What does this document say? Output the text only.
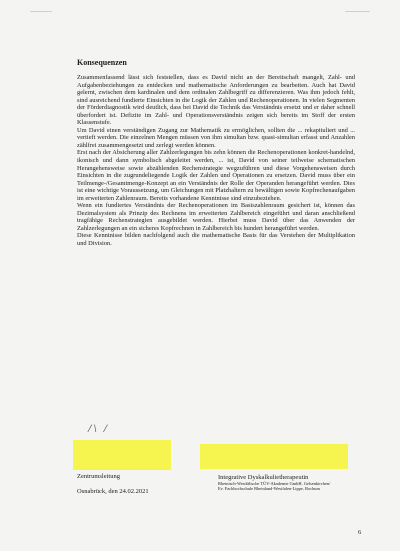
Konsequenzen

Zusammenfassend lässt sich feststellen, dass es David nicht an der Bereitschaft mangelt, Zahl- und Aufgabenbeziehungen zu entdecken und mathematische Anforderungen zu bearbeiten. Auch hat David gelernt, zwischen dem kardinalen und dem ordinalen Zahlbegriff zu differenzieren. Was ihm jedoch fehlt, sind ausreichend fundierte Einsichten in die Logik der Zahlen und Rechenoperationen. In vielen Segmenten der Förderdiagnostik wird deutlich, dass bei David die Technik das Verständnis ersetzt und er daher schnell überfordert ist. Defizite im Zahl- und Operationsverständnis zeigen sich bereits im Stoff der ersten Klassenstufe.

Um David einen verständigen Zugang zur Mathematik zu ermöglichen, sollten die ... rekapituliert und ... vertieft werden. Die einzelnen Mengen müssen von ihm simultan bzw. quasi-simultan erfasst und Anzahlen zählfrei zusammengesetzt und zerlegt werden können.

Erst nach der Absicherung aller Zahlzerlegungen bis zehn können die Rechenoperationen konkret-handelnd, ikonisch und dann symbolisch abgeleitet werden, ... ist, David von seiner teilweise schematischen Herangehensweise sowie abzählenden Rechenstrategie wegzuführen und diese Vorgehensweisen durch Einsichten in die zugrundeliegende Logik der Zahlen und Operationen zu ersetzen. David muss über ein Teilmenge-/Gesamtmenge-Konzept an ein Verständnis der Rolle der Operanden herangeführt werden. Dies ist eine wichtige Voraussetzung, um Gleichungen mit Platzhaltern zu bewältigen sowie Kopfrechenaufgaben im erweiterten Zahlenraum. Bereits vorhandene Kenntnisse sind einzubeziehen.

Wenn ein fundiertes Verständnis der Rechenoperationen im Basiszahlenraum gesichert ist, können das Dezimalsystem als Prinzip des Rechnens im erweiterten Zahlbereich eingeführt und daran anschließend tragfähige Rechenstrategien ausgebildet werden. Hierbei muss David über das Anwenden der Zahlzerlegungen an ein sicheres Kopfrechnen in Zahlbereich bis hundert herangeführt werden.

Diese Kenntnisse bilden nachfolgend auch die mathematische Basis für das Verstehen der Multiplikation und Division.

/\ /
Zentrumsleitung	Integrative Dyskalkulietherapeutin
Rheinisch-Westfälische TÜV-Akademie GmbH, Gelsenkirchen/
Ev. Fachhochschule Rheinland-Westfalen-Lippe, Bochum
Osnabrück, den 24.02.2021
6
